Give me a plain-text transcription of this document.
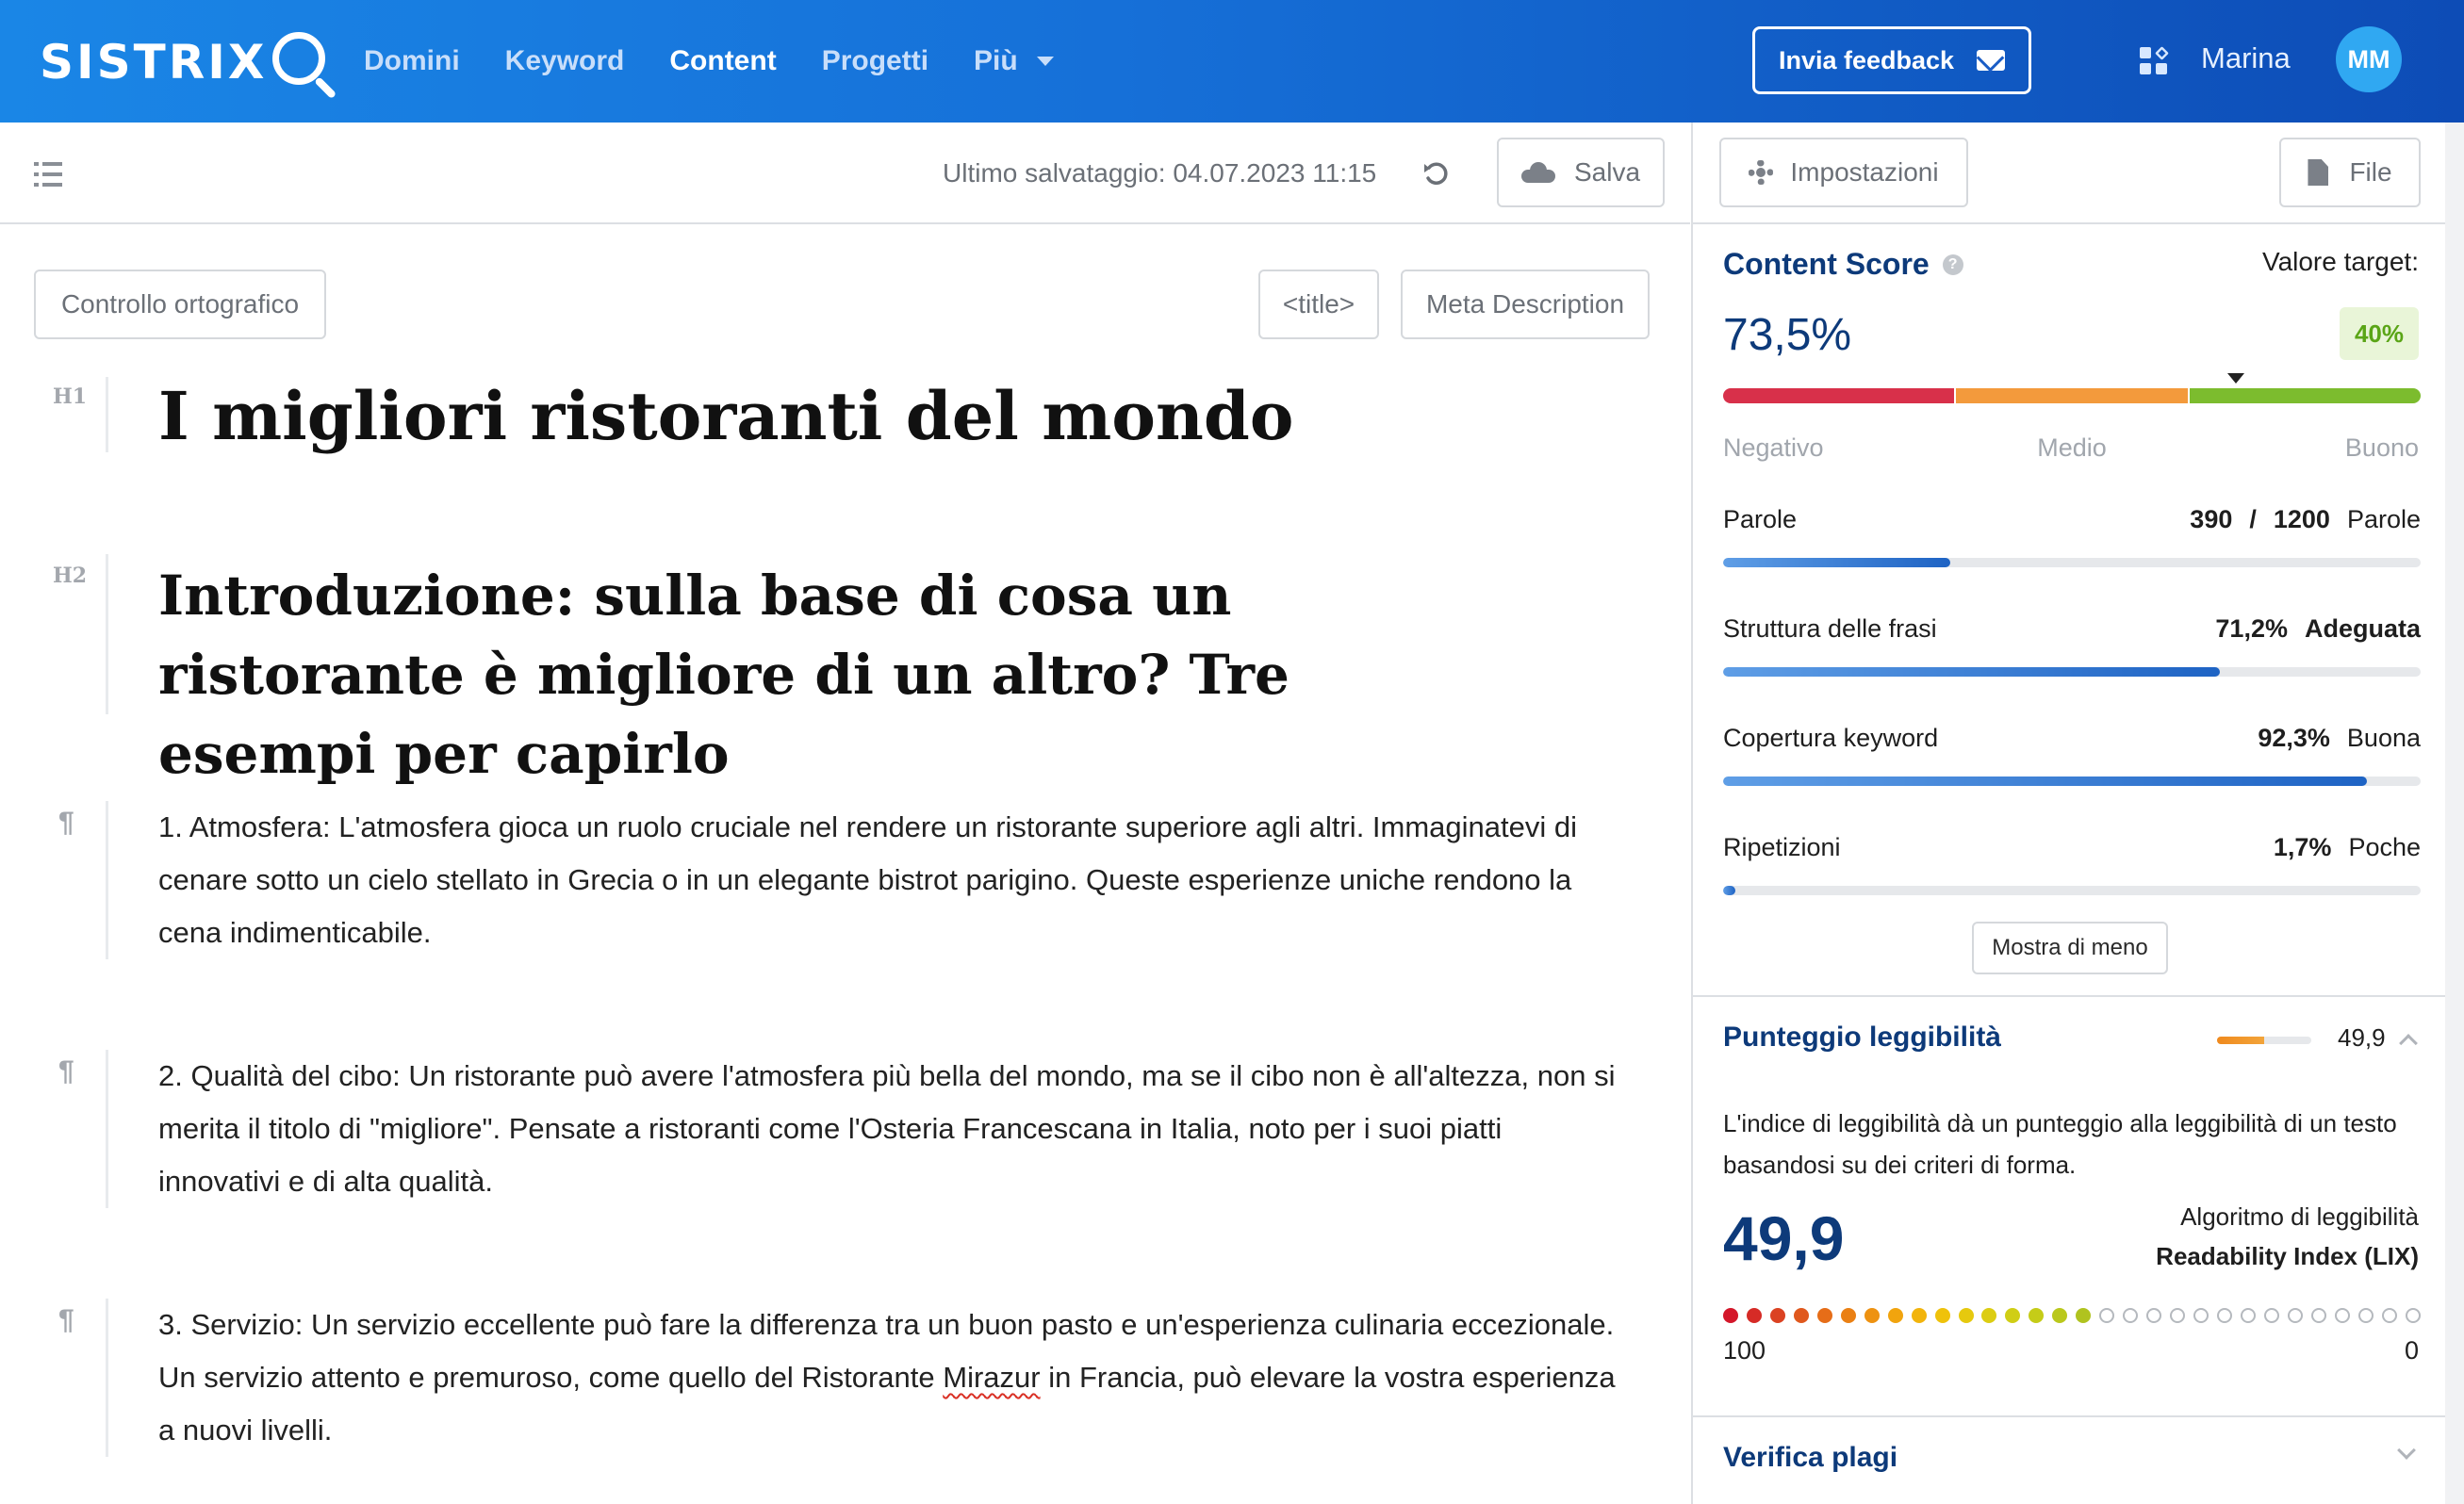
SISTRIX	Domini Keyword Content Progetti Più	Invia feedback	Marina	MM
Ultimo salvataggio: 04.07.2023 11:15	Salva
Controllo ortografico	<title>	Meta Description
H1 I migliori ristoranti del mondo
H2 Introduzione: sulla base di cosa un ristorante è migliore di un altro? Tre esempi per capirlo
¶	1. Atmosfera: L'atmosfera gioca un ruolo cruciale nel rendere un ristorante superiore agli altri. Immaginatevi di cenare sotto un cielo stellato in Grecia o in un elegante bistrot parigino. Queste esperienze uniche rendono la cena indimenticabile.
¶	2. Qualità del cibo: Un ristorante può avere l'atmosfera più bella del mondo, ma se il cibo non è all'altezza, non si merita il titolo di "migliore". Pensate a ristoranti come l'Osteria Francescana in Italia, noto per i suoi piatti innovativi e di alta qualità.
¶	3. Servizio: Un servizio eccellente può fare la differenza tra un buon pasto e un'esperienza culinaria eccezionale. Un servizio attento e premuroso, come quello del Ristorante Mirazur in Francia, può elevare la vostra esperienza a nuovi livelli.
Impostazioni	File
Content Score	?	Valore target:
73,5%	40%
Negativo	Medio	Buono
Parole	390 / 1200 Parole
Struttura delle frasi	71,2% Adeguata
Copertura keyword	92,3% Buona
Ripetizioni	1,7% Poche
Mostra di meno
Punteggio leggibilità	49,9
L'indice di leggibilità dà un punteggio alla leggibilità di un testo basandosi su dei criteri di forma.
49,9	Algoritmo di leggibilità
Readability Index (LIX)
100	0
Verifica plagi
